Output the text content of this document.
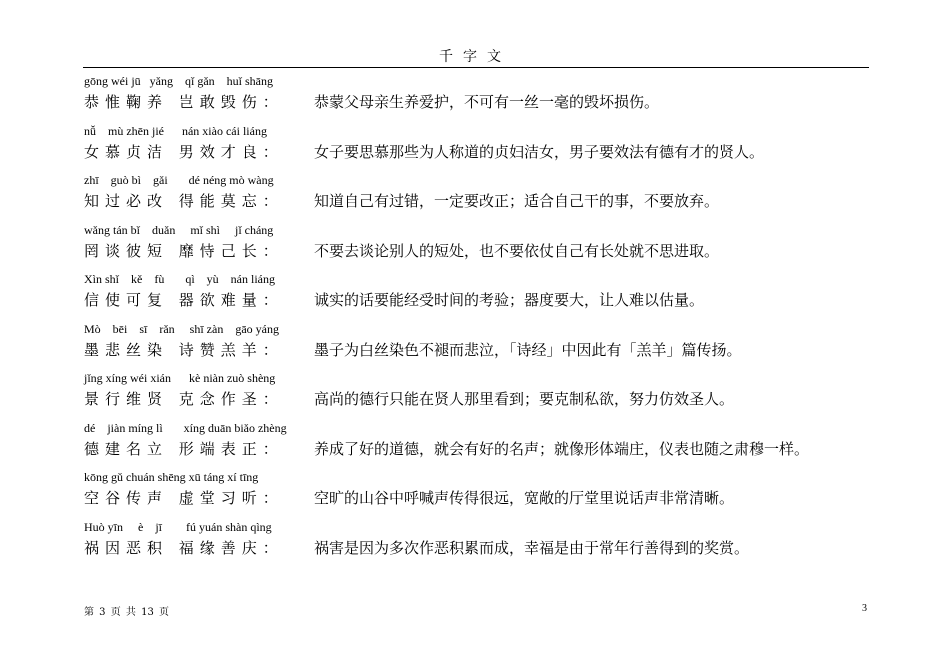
千字文
gōng wéi jū   yǎng    qǐ gǎn    huǐ shāng
恭惟鞠养 岂敢毁伤： 恭蒙父母亲生养爱护，不可有一丝一毫的毁坏损伤。
nǚ    mù zhēn jié      nán xiào cái liáng
女慕贞洁 男效才良： 女子要思慕那些为人称道的贞妇洁女，男子要效法有德有才的贤人。
zhī    guò bì    gǎi       dé néng mò wàng
知过必改 得能莫忘： 知道自己有过错，一定要改正；适合自己干的事，不要放弃。
wǎng tán bǐ    duǎn     mǐ shì     jǐ cháng
罔谈彼短 靡恃己长： 不要去谈论别人的短处，也不要依仗自己有长处就不思进取。
Xìn shǐ    kě    fù       qì    yù    nán liáng
信使可复 器欲难量： 诚实的话要能经受时间的考验；器度要大，让人难以估量。
Mò    bēi    sī    rǎn     shī zàn    gāo yáng
墨悲丝染 诗赞羔羊： 墨子为白丝染色不褪而悲泣，「诗经」中因此有「羔羊」篇传扬。
jǐng xíng wéi xián      kè niàn zuò shèng
景行维贤 克念作圣： 高尚的德行只能在贤人那里看到；要克制私欲，努力仿效圣人。
dé    jiàn míng lì       xíng duān biǎo zhèng
德建名立 形端表正： 养成了好的道德，就会有好的名声；就像形体端庄，仪表也随之肃穆一样。
kōng gǔ chuán shēng xū táng xí tīng
空谷传声 虚堂习听： 空旷的山谷中呼喊声传得很远，宽敞的厅堂里说话声非常清晰。
Huò yīn     è    jī        fú yuán shàn qìng
祸因恶积 福缘善庆： 祸害是因为多次作恶积累而成，幸福是由于常年行善得到的奖赏。
第 3 页 共 13 页	3
